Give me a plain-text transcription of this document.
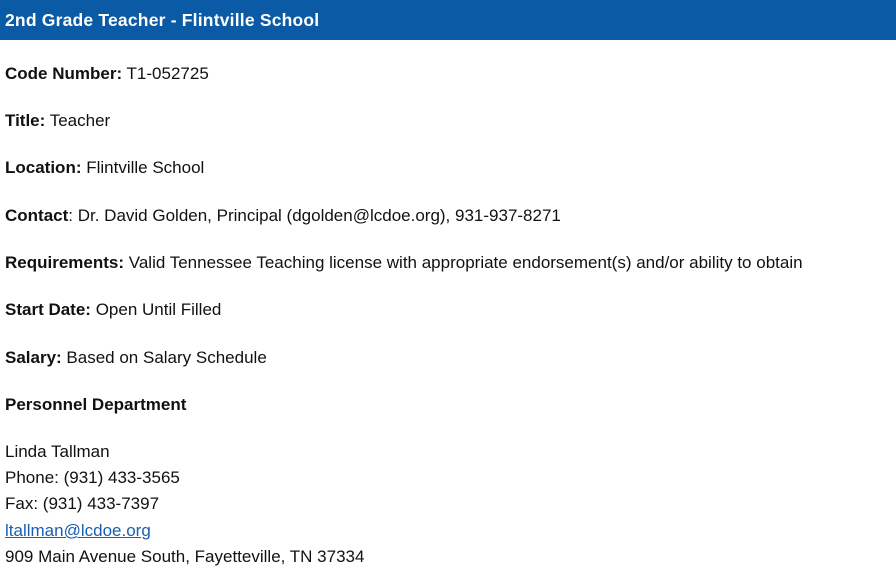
2nd Grade Teacher - Flintville School
Code Number: T1-052725
Title: Teacher
Location: Flintville School
Contact: Dr. David Golden, Principal (dgolden@lcdoe.org), 931-937-8271
Requirements: Valid Tennessee Teaching license with appropriate endorsement(s) and/or ability to obtain
Start Date: Open Until Filled
Salary: Based on Salary Schedule
Personnel Department
Linda Tallman
Phone: (931) 433-3565
Fax: (931) 433-7397
ltallman@lcdoe.org
909 Main Avenue South, Fayetteville, TN 37334
